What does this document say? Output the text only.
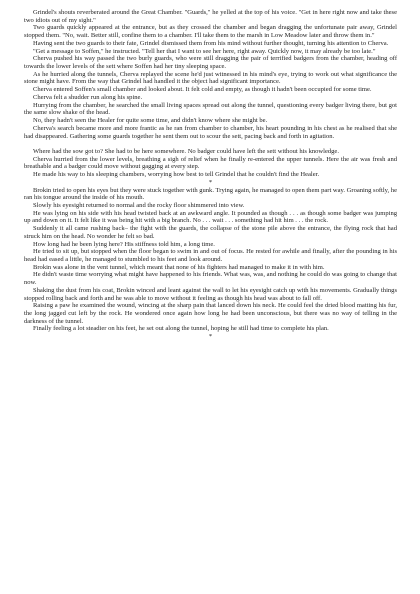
Grindel's shouts reverberated around the Great Chamber. "Guards," he yelled at the top of his voice. "Get in here right now and take these two idiots out of my sight."

Two guards quickly appeared at the entrance, but as they crossed the chamber and began dragging the unfortunate pair away, Grindel stopped them. "No, wait. Better still, confine them to a chamber. I'll take them to the marsh in Low Meadow later and throw them in."

Having sent the two guards to their fate, Grindel dismissed them from his mind without further thought, turning his attention to Cherva.

"Get a message to Soffen," he instructed. "Tell her that I want to see her here, right away. Quickly now, it may already be too late."

Cherva pushed his way passed the two burly guards, who were still dragging the pair of terrified badgers from the chamber, heading off towards the lower levels of the sett where Soffen had her tiny sleeping space.

As he hurried along the tunnels, Cherva replayed the scene he'd just witnessed in his mind's eye, trying to work out what significance the stone might have. From the way that Grindel had handled it the object had significant importance.

Cherva entered Soffen's small chamber and looked about. It felt cold and empty, as though it hadn't been occupied for some time.

Cherva felt a shudder run along his spine.

Hurrying from the chamber, he searched the small living spaces spread out along the tunnel, questioning every badger living there, but got the same slow shake of the head.

No, they hadn't seen the Healer for quite some time, and didn't know where she might be.

Cherva's search became more and more frantic as he ran from chamber to chamber, his heart pounding in his chest as he realised that she had disappeared. Gathering some guards together he sent them out to scour the sett, pacing back and forth in agitation.

Where had the sow got to? She had to be here somewhere. No badger could have left the sett without his knowledge.

Cherva hurried from the lower levels, breathing a sigh of relief when he finally re-entered the upper tunnels. Here the air was fresh and breathable and a badger could move without gagging at every step.

He made his way to his sleeping chambers, worrying how best to tell Grindel that he couldn't find the Healer.

*

Brokin tried to open his eyes but they were stuck together with gunk. Trying again, he managed to open them part way. Groaning softly, he ran his tongue around the inside of his mouth.

Slowly his eyesight returned to normal and the rocky floor shimmered into view.

He was lying on his side with his head twisted back at an awkward angle. It pounded as though . . . as though some badger was jumping up and down on it. It felt like it was being hit with a big branch. No . . . wait . . . something had hit him . . . the rock.

Suddenly it all came rushing back– the fight with the guards, the collapse of the stone pile above the entrance, the flying rock that had struck him on the head. No wonder he felt so bad.

How long had he been lying here? His stiffness told him, a long time.

He tried to sit up, but stopped when the floor began to swim in and out of focus. He rested for awhile and finally, after the pounding in his head had eased a little, he managed to stumbled to his feet and look around.

Brokin was alone in the vent tunnel, which meant that none of his fighters had managed to make it in with him.

He didn't waste time worrying what might have happened to his friends. What was, was, and nothing he could do was going to change that now.

Shaking the dust from his coat, Brokin winced and leant against the wall to let his eyesight catch up with his movements. Gradually things stopped rolling back and forth and he was able to move without it feeling as though his head was about to fall off.

Raising a paw he examined the wound, wincing at the sharp pain that lanced down his neck. He could feel the dried blood matting his fur, the long jagged cut left by the rock. He wondered once again how long he had been unconscious, but there was no way of telling in the darkness of the tunnel.

Finally feeling a lot steadier on his feet, he set out along the tunnel, hoping he still had time to complete his plan.

*
